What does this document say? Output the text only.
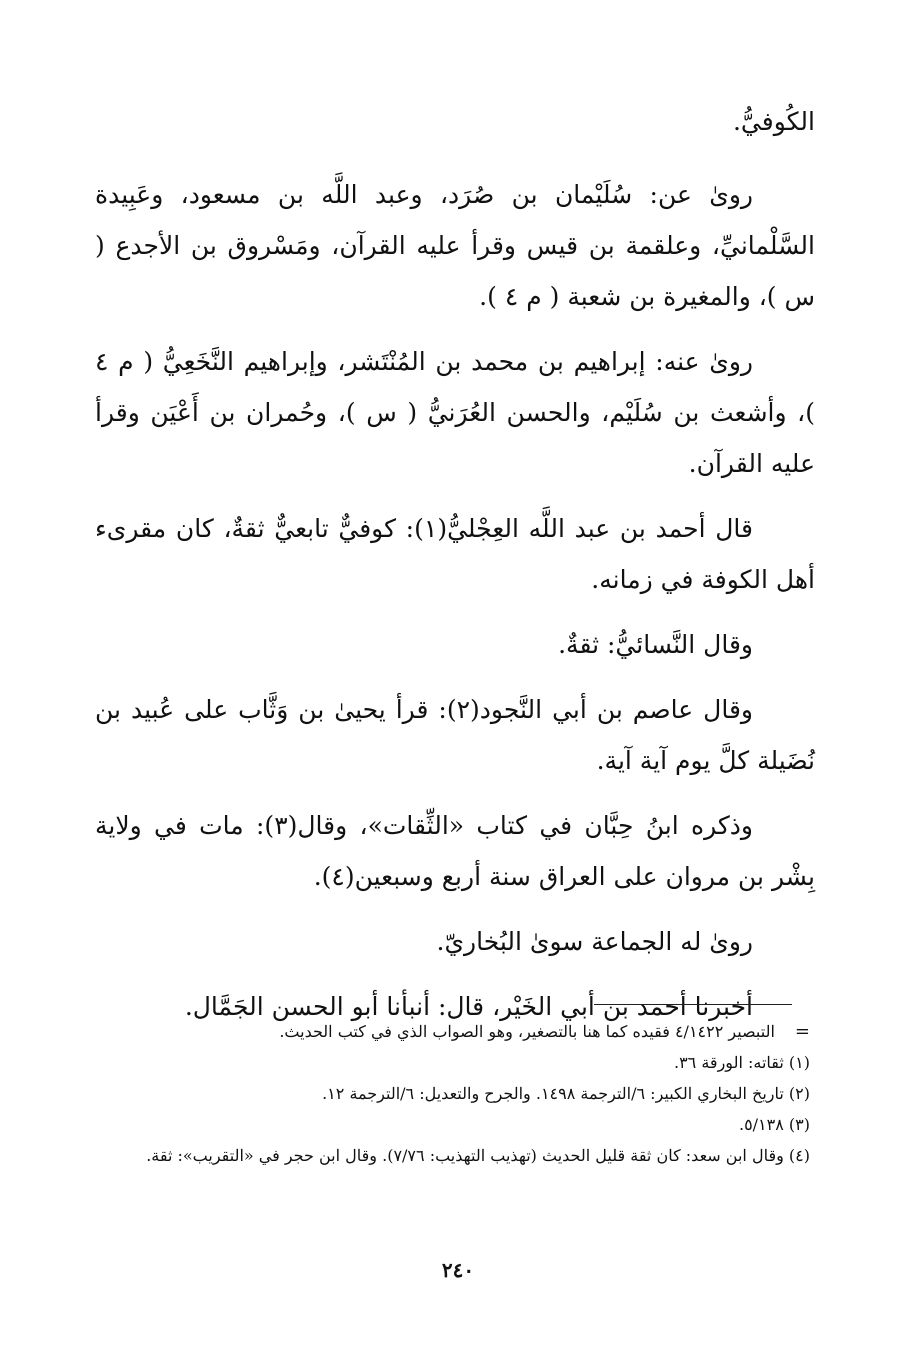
الكُوفيُّ.

روىٰ عن: سُلَيْمان بن صُرَد، وعبد اللَّه بن مسعود، وعَبِيدة السَّلْمانيِّ، وعلقمة بن قيس وقرأ عليه القرآن، ومَسْروق بن الأجدع ( س )، والمغيرة بن شعبة ( م ٤ ).

روىٰ عنه: إبراهيم بن محمد بن المُنْتَشر، وإبراهيم النَّخَعِيُّ ( م ٤ )، وأشعث بن سُلَيْم، والحسن العُرَنيُّ ( س )، وحُمران بن أَعْيَن وقرأ عليه القرآن.

قال أحمد بن عبد اللَّه العِجْليُّ(١): كوفيٌّ تابعيٌّ ثقةٌ، كان مقرىء أهل الكوفة في زمانه.

وقال النَّسائيُّ: ثقةٌ.

وقال عاصم بن أبي النَّجود(٢): قرأ يحيىٰ بن وَثَّاب على عُبيد بن نُضَيلة كلَّ يوم آية آية.

وذكره ابنُ حِبَّان في كتاب «الثِّقات»، وقال(٣): مات في ولاية بِشْر بن مروان على العراق سنة أربع وسبعين(٤).

روىٰ له الجماعة سوىٰ البُخاريّ.

أخبرنا أحمد بن أبي الخَيْر، قال: أنبأنا أبو الحسن الجَمَّال.

=
التبصير ٤/١٤٢٢ فقيده كما هنا بالتصغير، وهو الصواب الذي في كتب الحديث.

(١) ثقاته: الورقة ٣٦.

(٢) تاريخ البخاري الكبير: ٦/الترجمة ١٤٩٨. والجرح والتعديل: ٦/الترجمة ١٢.

(٣) ٥/١٣٨.

(٤) وقال ابن سعد: كان ثقة قليل الحديث (تهذيب التهذيب: ٧/٧٦). وقال ابن حجر في «التقريب»: ثقة.

٢٤٠
